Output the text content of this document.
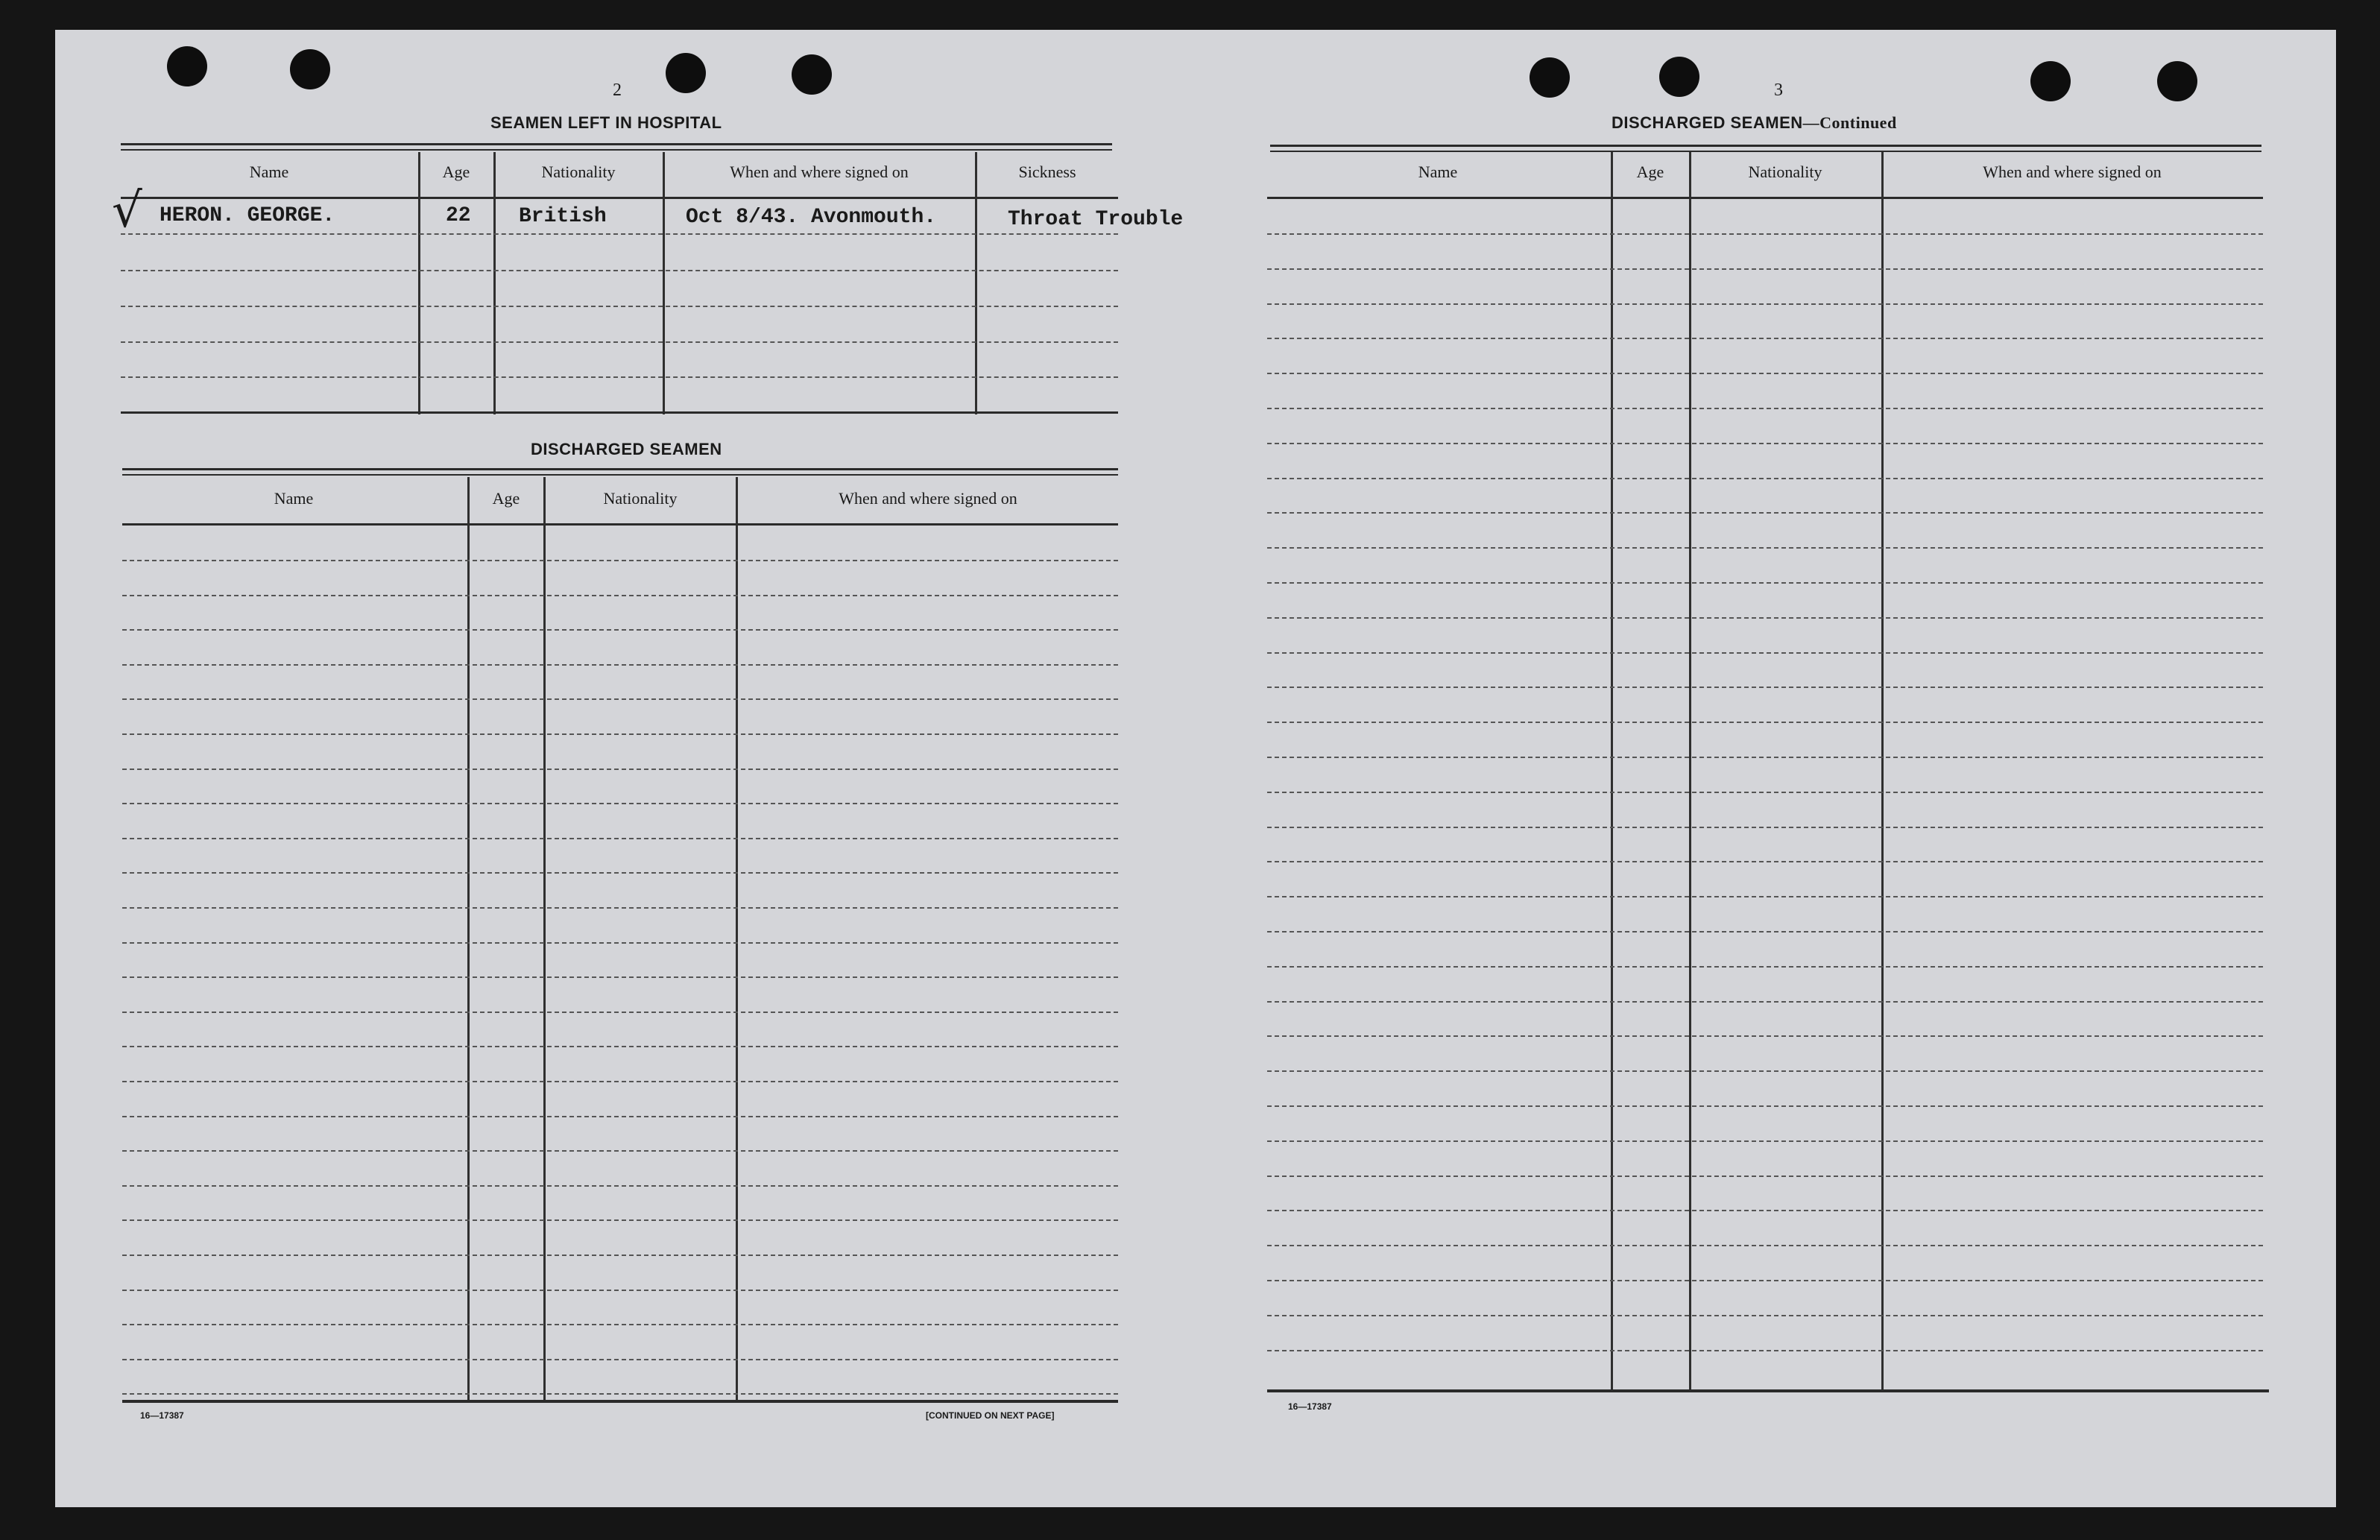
2
SEAMEN LEFT IN HOSPITAL
Name	Age	Nationality	When and where signed on	Sickness
√ HERON. GEORGE.	22 British	Oct 8/43. Avonmouth.	Throat Trouble
DISCHARGED SEAMEN
Name	Age	Nationality	When and where signed on
16—17387	[CONTINUED ON NEXT PAGE]
3
DISCHARGED SEAMEN—Continued
Name	Age	Nationality	When and where signed on
16—17387
